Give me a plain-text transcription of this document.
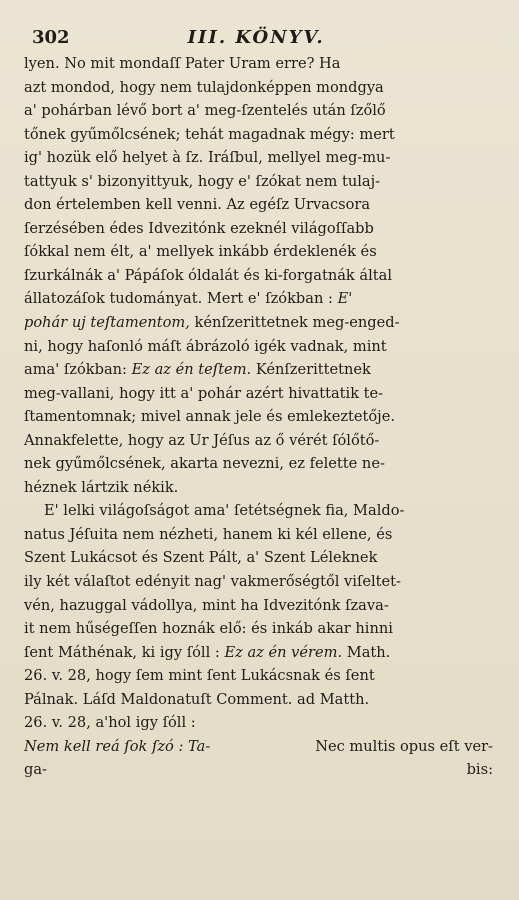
302	III. KÖNYV.
lyen. No mit mondaſſ Pater Uram erre? Ha
azt mondod, hogy nem tulajdonképpen mondgya
a' pohárban lévő bort a' meg-ſzentelés után ſzőlő
tőnek gyűmőlcsének; tehát magadnak mégy: mert
ig' hozük elő helyet à ſz. Iráſbul, mellyel meg-mu-
tattyuk s' bizonyittyuk, hogy e' ſzókat nem tulaj-
don értelemben kell venni. Az egéſz Urvacsora
ſerzésében édes Idvezitónk ezeknél világoſſabb
ſókkal nem élt, a' mellyek inkább érdeklenék és
ſzurkálnák a' Pápáſok óldalát és ki-forgatnák által
állatozáſok tudományat. Mert e' ſzókban : E'
pohár uj teſtamentom, kénſzerittetnek meg-enged-
ni, hogy haſonló máſt ábrázoló igék vadnak, mint
ama' ſzókban: Ez az én teſtem. Kénſzerittetnek
meg-vallani, hogy itt a' pohár azért hivattatik te-
ſtamentomnak; mivel annak jele és emlekeztetője.
Annakfelette, hogy az Ur Jéſus az ő vérét ſólőtő-
nek gyűmőlcsének, akarta nevezni, ez felette ne-
héznek lártzik nékik.
E' lelki világoſságot ama' ſetétségnek fia, Maldo-
natus Jéſuita nem nézheti, hanem ki kél ellene, és
Szent Lukácsot és Szent Pált, a' Szent Léleknek
ily két válaſtot edényit nag' vakmerőségtől viſeltet-
vén, hazuggal vádollya, mint ha Idvezitónk ſzava-
it nem hűségeſſen hoznák elő: és inkáb akar hinni
ſent Máthénak, ki igy ſóll : Ez az én vérem. Math.
26. v. 28, hogy ſem mint ſent Lukácsnak és ſent
Pálnak. Láſd Maldonatuſt Comment. ad Matth.
26. v. 28, a'hol igy ſóll :
Nem kell reá ſok ſzó : Ta-	Nec multis opus eſt ver-
ga-	bis:
